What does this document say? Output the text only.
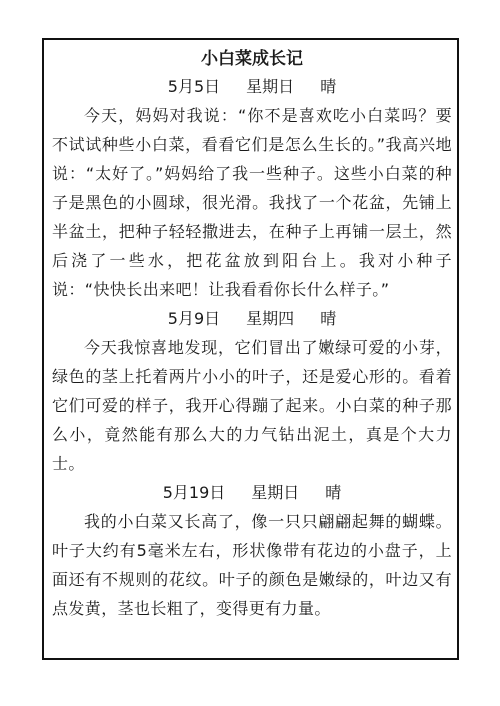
小白菜成长记
5月5日 星期日 晴

今天，妈妈对我说：“你不是喜欢吃小白菜吗？要不试试种些小白菜，看看它们是怎么生长的。”我高兴地说：“太好了。”妈妈给了我一些种子。这些小白菜的种子是黑色的小圆球，很光滑。我找了一个花盆，先铺上半盆土，把种子轻轻撒进去，在种子上再铺一层土，然后浇了一些水，把花盆放到阳台上。我对小种子说：“快快长出来吧！让我看看你长什么样子。”

5月9日 星期四 晴

今天我惊喜地发现，它们冒出了嫩绿可爱的小芽，绿色的茎上托着两片小小的叶子，还是爱心形的。看着它们可爱的样子，我开心得蹦了起来。小白菜的种子那么小，竟然能有那么大的力气钻出泥土，真是个大力士。

5月19日 星期日 晴

我的小白菜又长高了，像一只只翩翩起舞的蝴蝶。叶子大约有5毫米左右，形状像带有花边的小盘子，上面还有不规则的花纹。叶子的颜色是嫩绿的，叶边又有点发黄，茎也长粗了，变得更有力量。
